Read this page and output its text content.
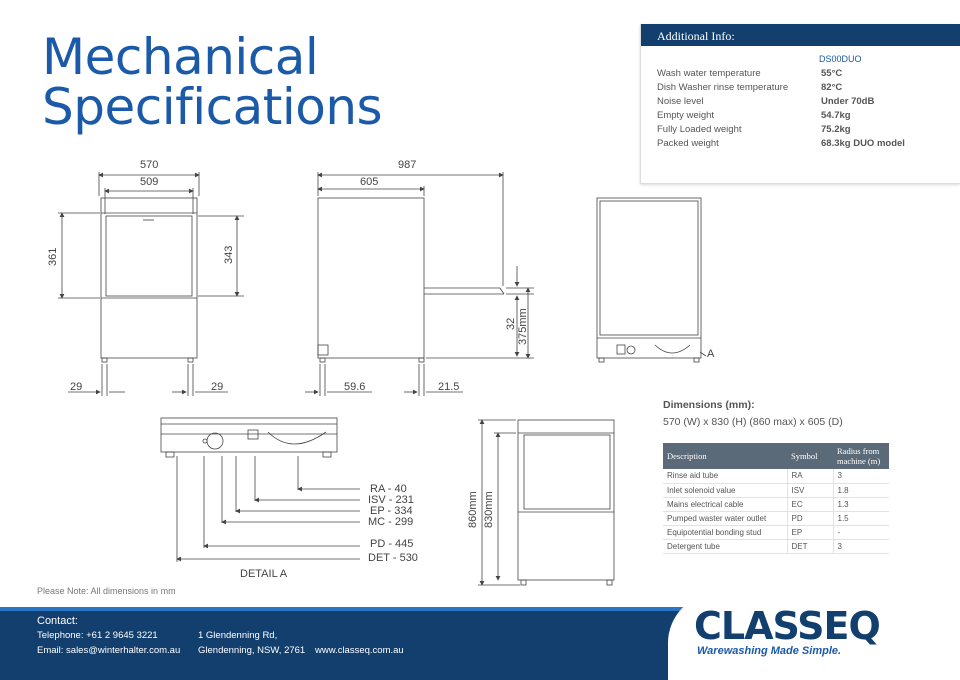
Mechanical
Specifications
Additional Info:
DS00DUO
Wash water temperature	55°C
Dish Washer rinse temperature	82°C
Noise level	Under 70dB
Empty weight	54.7kg
Fully Loaded weight	75.2kg
Packed weight	68.3kg DUO model
570
509
361	343
29	29
987
605
32 375mm
59.6	21.5
A
RA - 40
ISV - 231
EP - 334
MC - 299
PD - 445
DET - 530
DETAIL A
860mm 830mm
Dimensions (mm):
570 (W) x 830 (H) (860 max) x 605 (D)
Description	Symbol	Radius from machine (m)
Rinse aid tube	RA	3
Inlet solenoid value	ISV	1.8
Mains electrical cable	EC	1.3
Pumped waster water outlet	PD	1.5
Equipotential bonding stud	EP	-
Detergent tube	DET	3
Please Note: All dimensions in mm
Contact:
Telephone: +61 2 9645 3221
Email: sales@winterhalter.com.au
1 Glendenning Rd,
Glendenning, NSW, 2761 www.classeq.com.au
CLASSEQ
Warewashing Made Simple.
